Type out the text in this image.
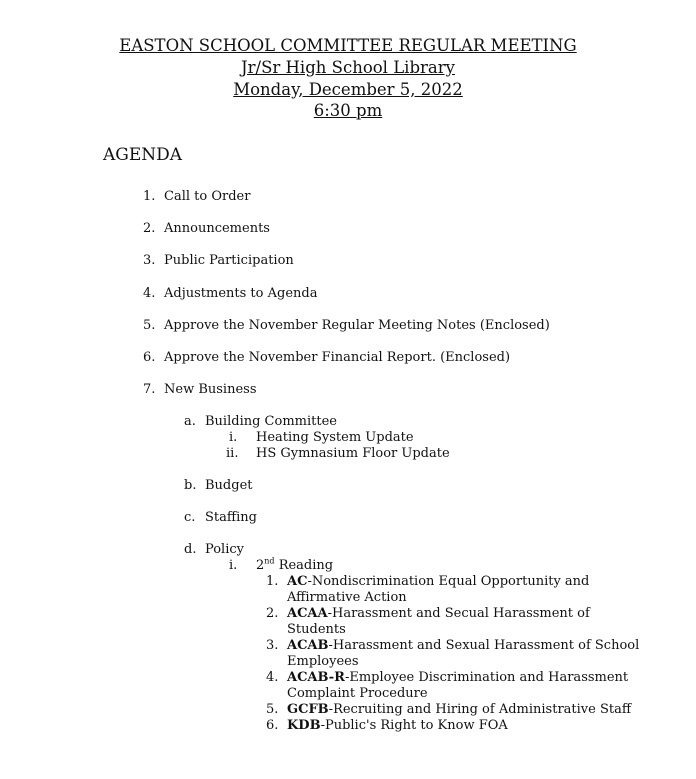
EASTON SCHOOL COMMITTEE REGULAR MEETING
Jr/Sr High School Library
Monday, December 5, 2022
6:30 pm
AGENDA
1. Call to Order
2. Announcements
3. Public Participation
4. Adjustments to Agenda
5. Approve the November Regular Meeting Notes (Enclosed)
6. Approve the November Financial Report. (Enclosed)
7. New Business
a. Building Committee
i. Heating System Update
ii. HS Gymnasium Floor Update
b. Budget
c. Staffing
d. Policy
i. 2nd Reading
1. AC-Nondiscrimination Equal Opportunity and
Affirmative Action
2. ACAA-Harassment and Secual Harassment of
Students
3. ACAB-Harassment and Sexual Harassment of School
Employees
4. ACAB-R-Employee Discrimination and Harassment
Complaint Procedure
5. GCFB-Recruiting and Hiring of Administrative Staff
6. KDB-Public's Right to Know FOA
